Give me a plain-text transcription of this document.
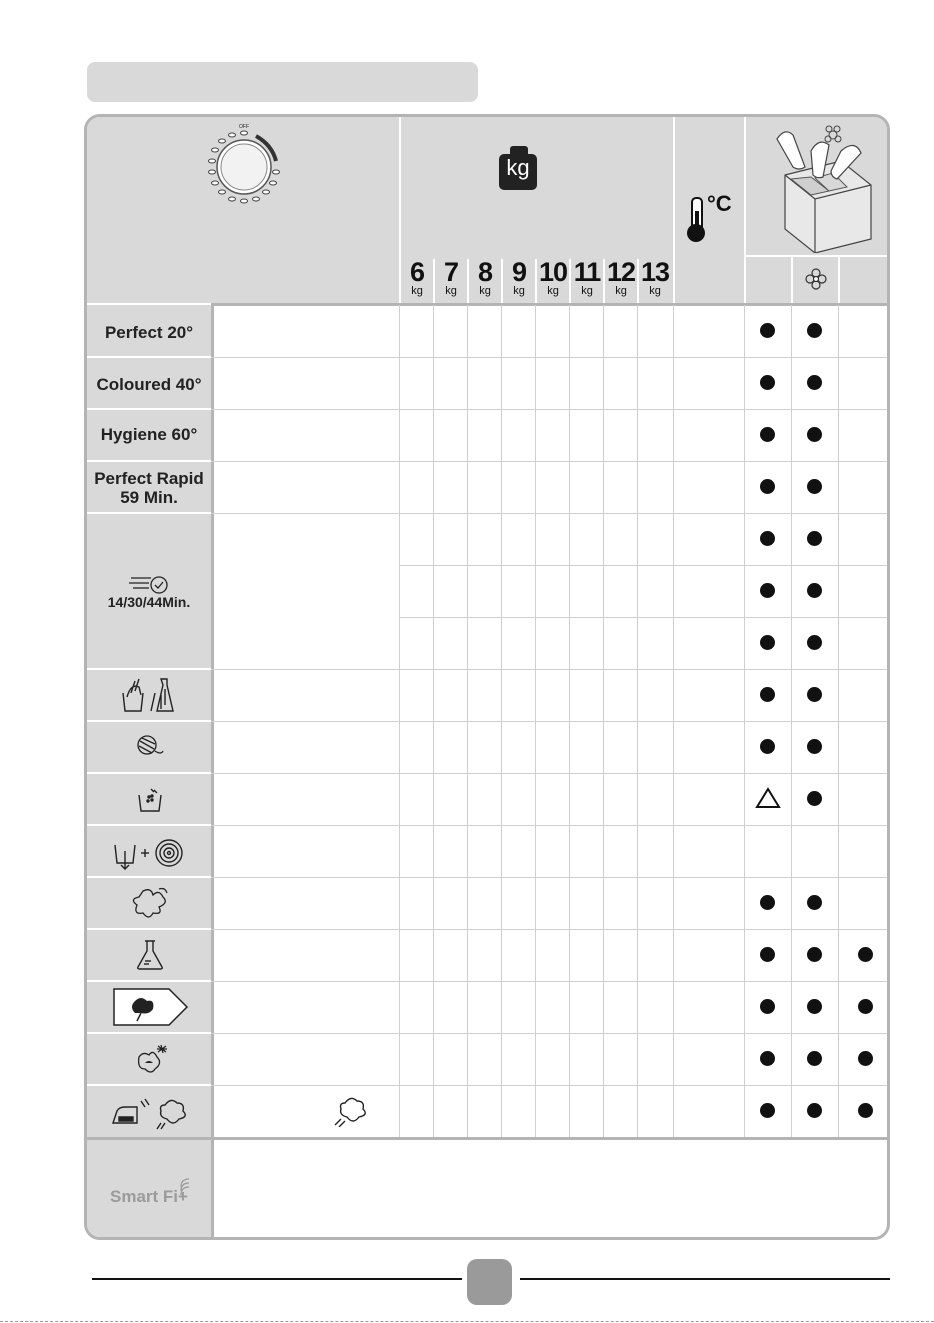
OFF
kg
°C
6
kg
7
kg
8
kg
9
kg
10
kg
11
kg
12
kg
13
kg
Perfect 20°
Coloured 40°
Hygiene 60°
Perfect Rapid
59 Min.
14/30/44Min.
Smart Fi+
